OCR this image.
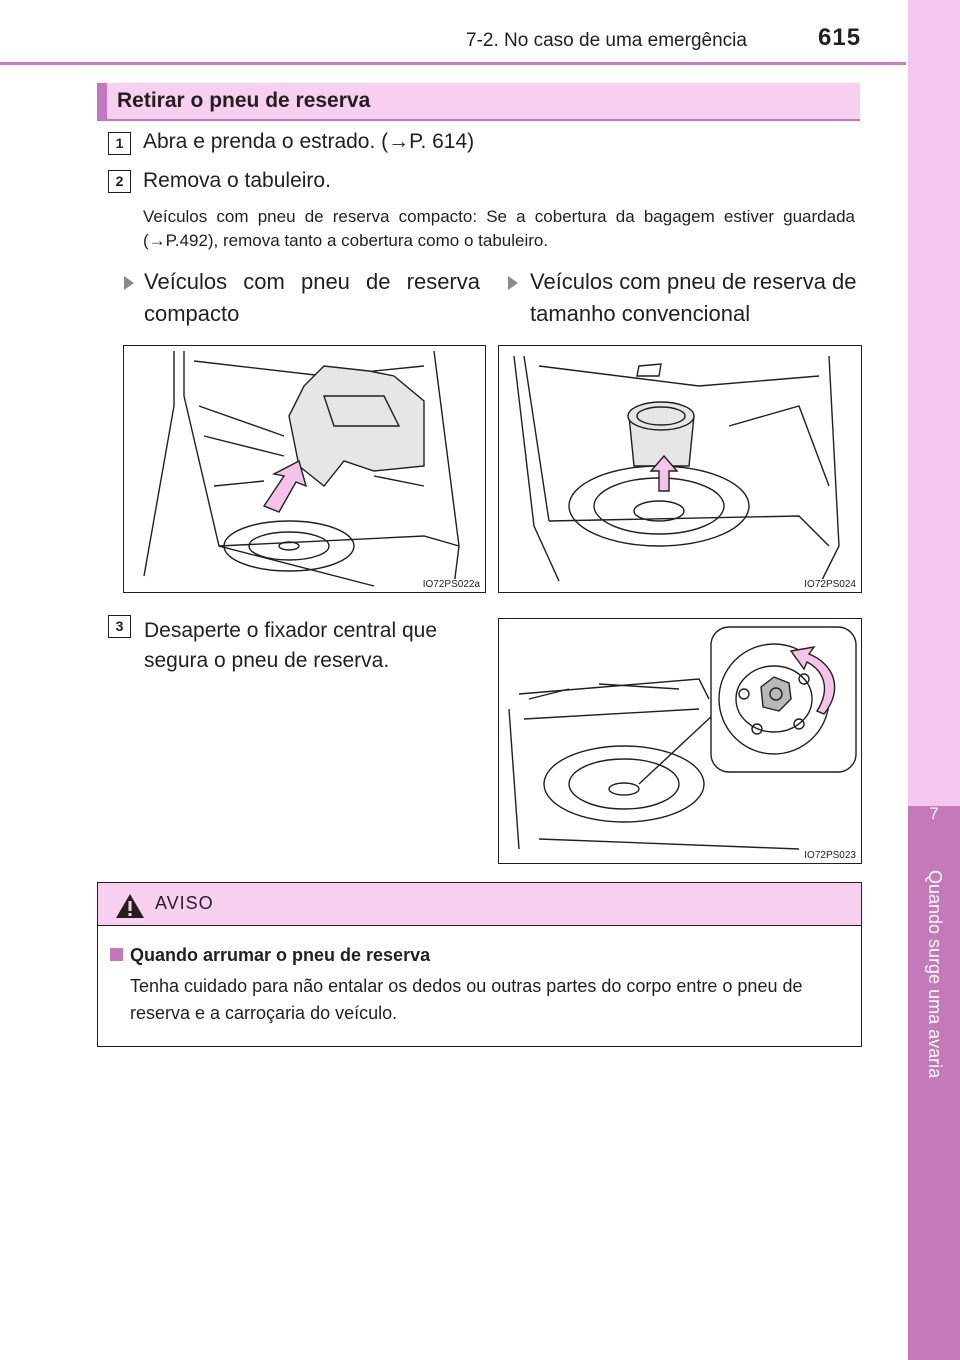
7-2. No caso de uma emergência	615
7
Quando surge uma avaria
Retirar o pneu de reserva
1 Abra e prenda o estrado. (→P. 614)
2 Remova o tabuleiro.
Veículos com pneu de reserva compacto: Se a cobertura da bagagem estiver guardada (→P.492), remova tanto a cobertura como o tabuleiro.
Veículos com pneu de reserva compacto
Veículos com pneu de reserva de tamanho convencional
IO72PS022a	IO72PS024
3 Desaperte o fixador central que segura o pneu de reserva.
IO72PS023
AVISO
Quando arrumar o pneu de reserva
Tenha cuidado para não entalar os dedos ou outras partes do corpo entre o pneu de reserva e a carroçaria do veículo.
